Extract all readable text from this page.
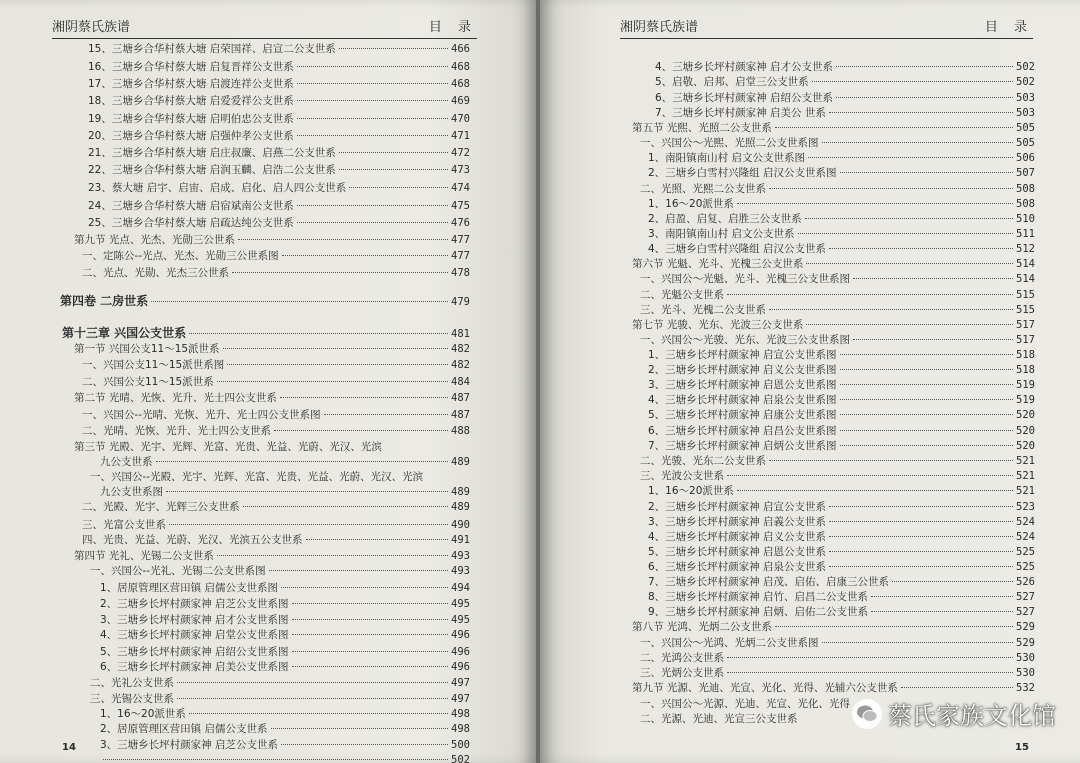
湘阴蔡氏族谱	目 录
15、三塘乡合华村蔡大塘 启荣国祥、启宣二公支世系	466
16、三塘乡合华村蔡大塘 启复晋祥公支世系	468
17、三塘乡合华村蔡大塘 启渡连祥公支世系	468
18、三塘乡合华村蔡大塘 启爱爱祥公支世系	469
19、三塘乡合华村蔡大塘 启明伯忠公支世系	470
20、三塘乡合华村蔡大塘 启强仲孝公支世系	471
21、三塘乡合华村蔡大塘 启庄叔廉、启燕二公支世系	472
22、三塘乡合华村蔡大塘 启润玉麟、启浩二公支世系	473
23、蔡大塘 启宇、启宙、启成、启化、启人四公支世系	474
24、三塘乡合华村蔡大塘 启宿斌南公支世系	475
25、三塘乡合华村蔡大塘 启疏达纯公支世系	476
第九节 光点、光杰、光勋三公世系	477
一、定陈公--光点、光杰、光勋三公世系图	477
二、光点、光勋、光杰三公世系	478
第四卷 二房世系	479
第十三章 兴国公支世系	481
第一节 兴国公支11～15派世系	482
一、兴国公支11～15派世系图	482
二、兴国公支11～15派世系	484
第二节 光晴、光恢、光升、光士四公支世系	487
一、兴国公--光晴、光恢、光升、光士四公支世系图	487
二、光晴、光恢、光升、光士四公支世系	488
第三节 光殿、光宇、光辉、光富、光贵、光益、光蔚、光汉、光滨
九公支世系	489
一、兴国公--光殿、光宇、光辉、光富、光贵、光益、光蔚、光汉、光滨
九公支世系图	489
二、光殿、光宇、光辉三公支世系	489
三、光富公支世系	490
四、光贵、光益、光蔚、光汉、光滨五公支世系	491
第四节 光礼、光锡二公支世系	493
一、兴国公--光礼、光锡二公支世系图	493
1、居原管理区营田镇 启儒公支世系图	494
2、三塘乡长坪村颜家神 启芝公支世系图	495
3、三塘乡长坪村颜家神 启才公支世系图	495
4、三塘乡长坪村颜家神 启堂公支世系图	496
5、三塘乡长坪村颜家神 启绍公支世系图	496
6、三塘乡长坪村颜家神 启美公支世系图	496
二、光礼公支世系	497
三、光锡公支世系	497
1、16～20派世系	498
2、居原管理区营田镇 启儒公支世系	498
3、三塘乡长坪村颜家神 启芝公支世系	500
502
14
湘阴蔡氏族谱	目 录
4、三塘乡长坪村颜家神 启才公支世系	502
5、启敬、启邦、启堂三公支世系	502
6、三塘乡长坪村颜家神 启绍公支世系	503
7、三塘乡长坪村颜家神 启美公 世系	503
第五节 光熙、光照二公支世系	505
一、兴国公～光熙、光照二公支世系图	505
1、南阳镇南山村 启文公支世系图	506
2、三塘乡白雪村兴隆组 启汉公支世系图	507
二、光照、光熙二公支世系	508
1、16～20派世系	508
2、启盈、启复、启胜三公支世系	510
3、南阳镇南山村 启文公支世系	511
4、三塘乡白雪村兴隆组 启汉公支世系	512
第六节 光魁、光斗、光槐三公支世系	514
一、兴国公～光魁、光斗、光槐三公支世系图	514
二、光魁公支世系	515
三、光斗、光槐二公支世系	515
第七节 光骏、光东、光波三公支世系	517
一、兴国公～光骏、光东、光波三公支世系图	517
1、三塘乡长坪村颜家神 启宣公支世系图	518
2、三塘乡长坪村颜家神 启义公支世系图	518
3、三塘乡长坪村颜家神 启恩公支世系图	519
4、三塘乡长坪村颜家神 启泉公支世系图	519
5、三塘乡长坪村颜家神 启康公支世系图	520
6、三塘乡长坪村颜家神 启昌公支世系图	520
7、三塘乡长坪村颜家神 启炳公支世系图	520
二、光骏、光东二公支世系	521
三、光波公支世系	521
1、16～20派世系	521
2、三塘乡长坪村颜家神 启宣公支世系	523
3、三塘乡长坪村颜家神 启義公支世系	524
4、三塘乡长坪村颜家神 启义公支世系	524
5、三塘乡长坪村颜家神 启恩公支世系	525
6、三塘乡长坪村颜家神 启泉公支世系	525
7、三塘乡长坪村颜家神 启茂、启佑、启康三公世系	526
8、三塘乡长坪村颜家神 启竹、启昌二公支世系	527
9、三塘乡长坪村颜家神 启炳、启佑二公支世系	527
第八节 光鸿、光炳二公支世系	529
一、兴国公～光鸿、光炳二公支世系图	529
二、光鸿公支世系	530
三、光炳公支世系	530
第九节 光源、光迪、光宣、光化、光得、光辅六公支世系	532
一、兴国公～光源、光迪、光宣、光化、光得
二、光源、光迪、光宣三公支世系
15
蔡氏家族文化馆
